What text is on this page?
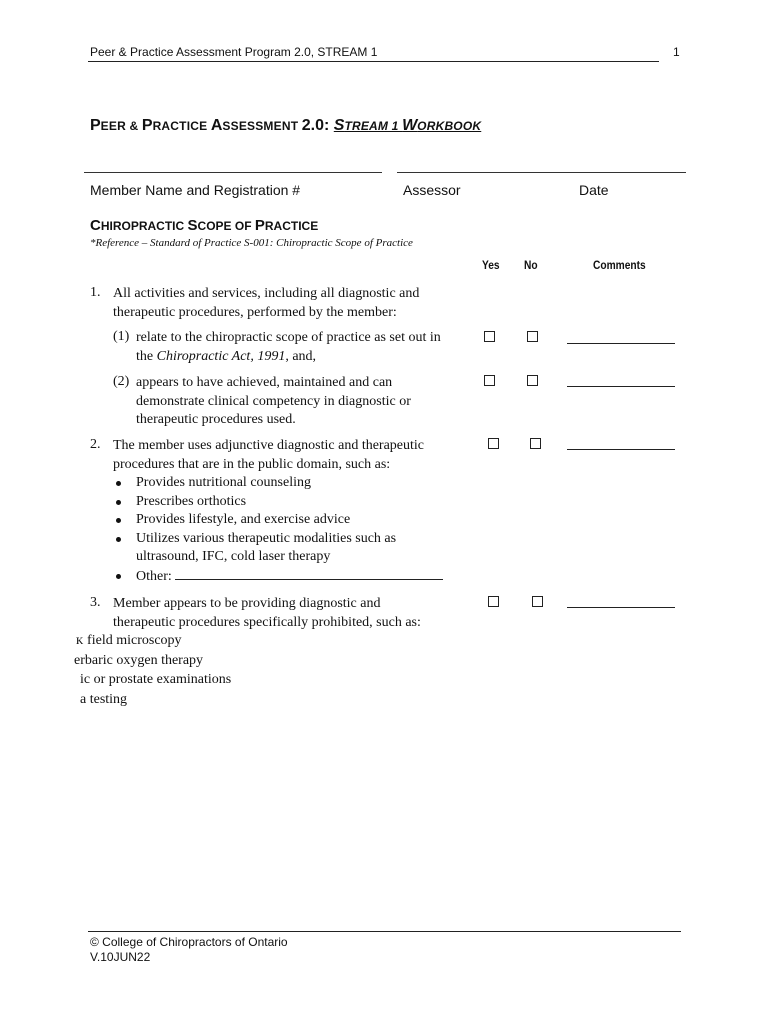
Peer & Practice Assessment Program 2.0, STREAM 1	1
PEER & PRACTICE ASSESSMENT 2.0: STREAM 1 WORKBOOK
Member Name and Registration #	Assessor	Date
CHIROPRACTIC SCOPE OF PRACTICE
*Reference – Standard of Practice S-001: Chiropractic Scope of Practice
Yes No	Comments
1. All activities and services, including all diagnostic and
therapeutic procedures, performed by the member:
(1) relate to the chiropractic scope of practice as set out in
the Chiropractic Act, 1991, and,
(2) appears to have achieved, maintained and can
demonstrate clinical competency in diagnostic or
therapeutic procedures used.
2. The member uses adjunctive diagnostic and therapeutic
procedures that are in the public domain, such as:
Provides nutritional counseling
Prescribes orthotics
Provides lifestyle, and exercise advice
Utilizes various therapeutic modalities such as
ultrasound, IFC, cold laser therapy
Other:
3. Member appears to be providing diagnostic and
therapeutic procedures specifically prohibited, such as:
ᴋ field microscopy
erbaric oxygen therapy
ic or prostate examinations
a testing
© College of Chiropractors of Ontario
V.10JUN22
